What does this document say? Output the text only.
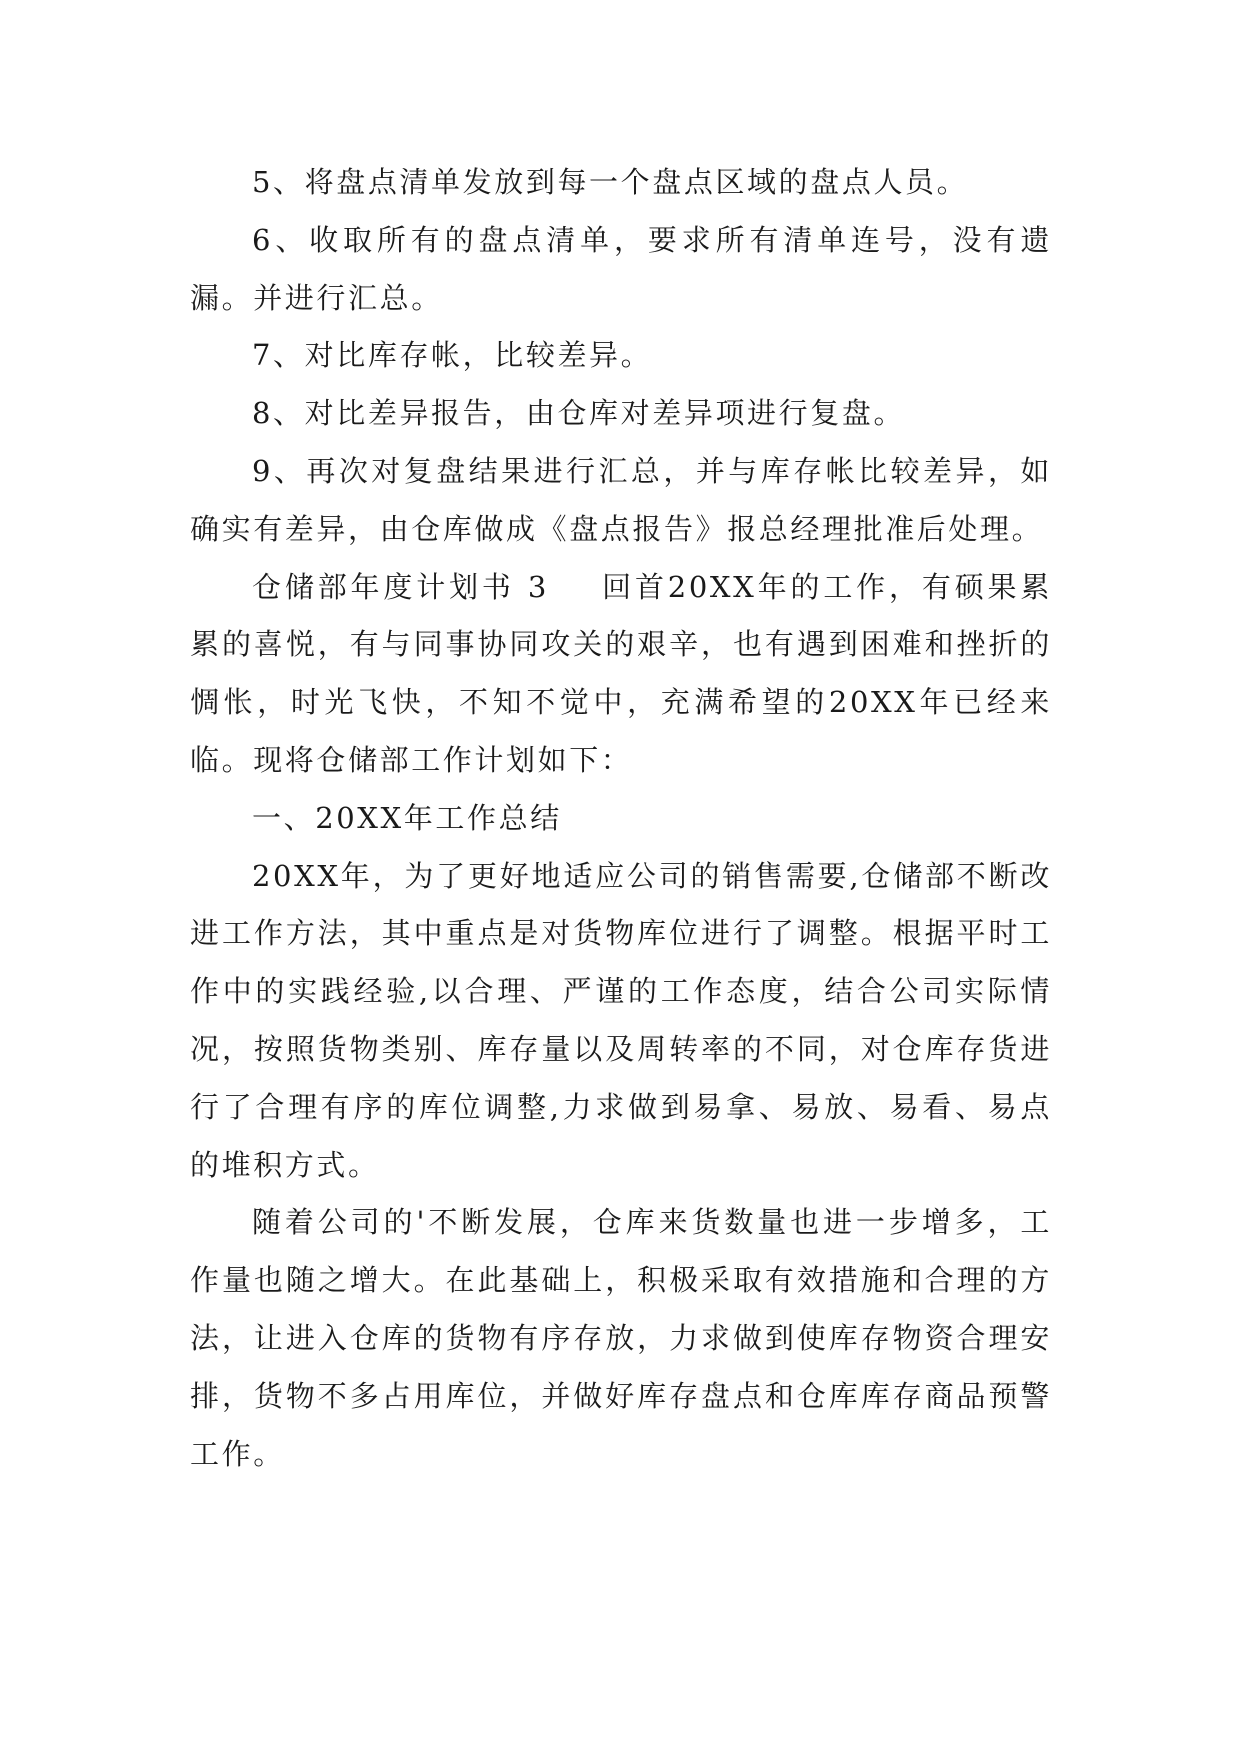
5、将盘点清单发放到每一个盘点区域的盘点人员。

6、收取所有的盘点清单，要求所有清单连号，没有遗漏。并进行汇总。

7、对比库存帐，比较差异。

8、对比差异报告，由仓库对差异项进行复盘。

9、再次对复盘结果进行汇总，并与库存帐比较差异，如确实有差异，由仓库做成《盘点报告》报总经理批准后处理。

仓储部年度计划书 3 回首20XX年的工作，有硕果累累的喜悦，有与同事协同攻关的艰辛，也有遇到困难和挫折的惆怅，时光飞快，不知不觉中，充满希望的20XX年已经来临。现将仓储部工作计划如下：

一、20XX年工作总结

20XX年，为了更好地适应公司的销售需要,仓储部不断改进工作方法，其中重点是对货物库位进行了调整。根据平时工作中的实践经验,以合理、严谨的工作态度，结合公司实际情况，按照货物类别、库存量以及周转率的不同，对仓库存货进行了合理有序的库位调整,力求做到易拿、易放、易看、易点的堆积方式。

随着公司的'不断发展，仓库来货数量也进一步增多，工作量也随之增大。在此基础上，积极采取有效措施和合理的方法，让进入仓库的货物有序存放，力求做到使库存物资合理安排，货物不多占用库位，并做好库存盘点和仓库库存商品预警工作。
